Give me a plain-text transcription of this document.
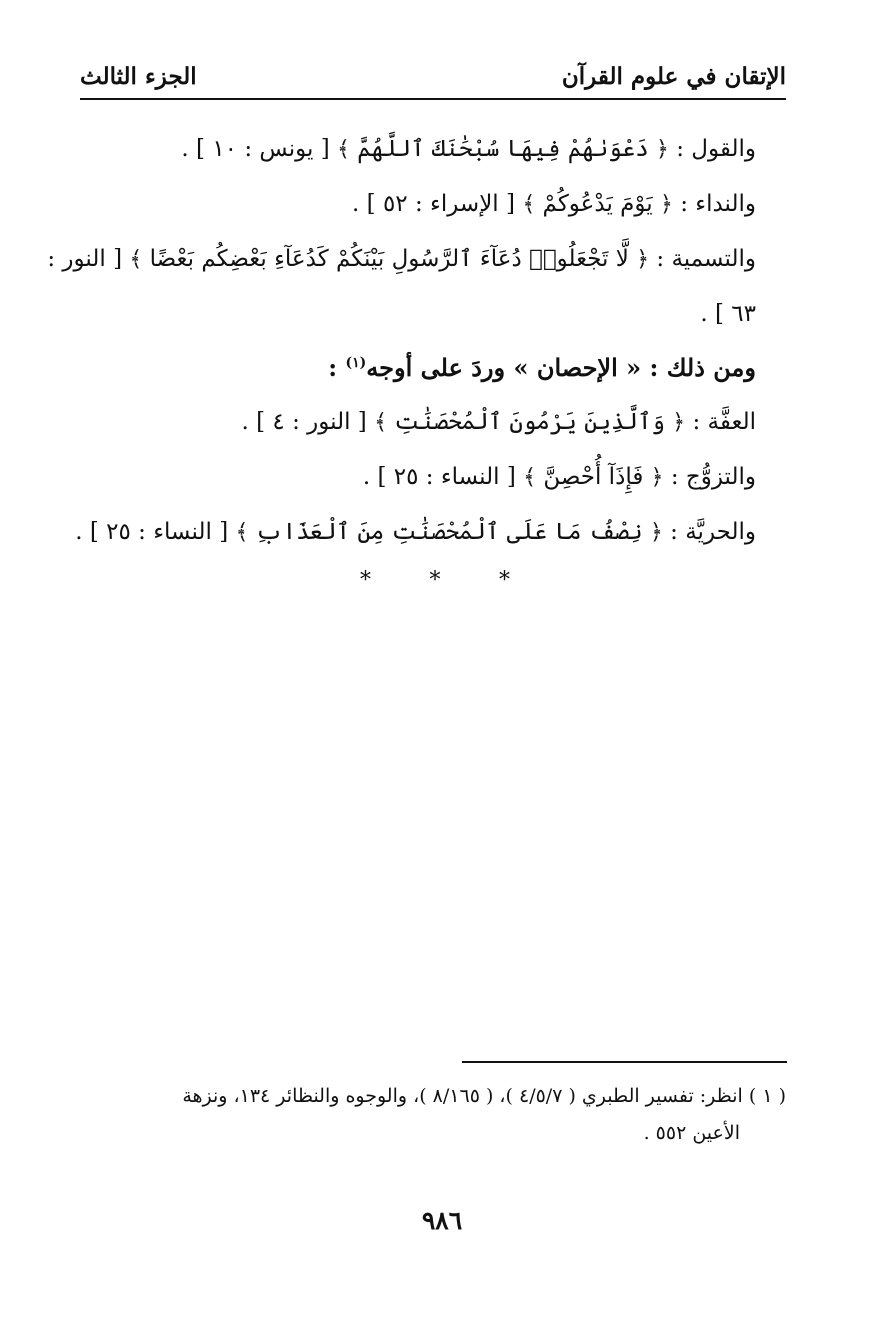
الإتقان في علوم القرآن
الجزء الثالث
والقول : ﴿ دَعْوَىٰهُمْ فِيهَا سُبْحَٰنَكَ ٱللَّهُمَّ ﴾ [ يونس : ١٠ ] .
والنداء : ﴿ يَوْمَ يَدْعُوكُمْ ﴾ [ الإسراء : ٥٢ ] .
والتسمية : ﴿ لَّا تَجْعَلُوا۟ دُعَآءَ ٱلرَّسُولِ بَيْنَكُمْ كَدُعَآءِ بَعْضِكُم بَعْضًا ﴾ [ النور :
٦٣ ] .
ومن ذلك : « الإحصان » وردَ على أوجه$^{(١)}$ :
العفَّة : ﴿ وَٱلَّذِينَ يَرْمُونَ ٱلْمُحْصَنَٰتِ ﴾ [ النور : ٤ ] .
والتزوُّج : ﴿ فَإِذَآ أُحْصِنَّ ﴾ [ النساء : ٢٥ ] .
والحريَّة : ﴿ نِصْفُ مَا عَلَى ٱلْمُحْصَنَٰتِ مِنَ ٱلْعَذَابِ ﴾ [ النساء : ٢٥ ] .
*
*
*
( ١ ) انظر: تفسير الطبري ( ٤/٥/٧ )، ( ٨/١٦٥ )، والوجوه والنظائر ١٣٤، ونزهة
الأعين ٥٥٢ .
٩٨٦
